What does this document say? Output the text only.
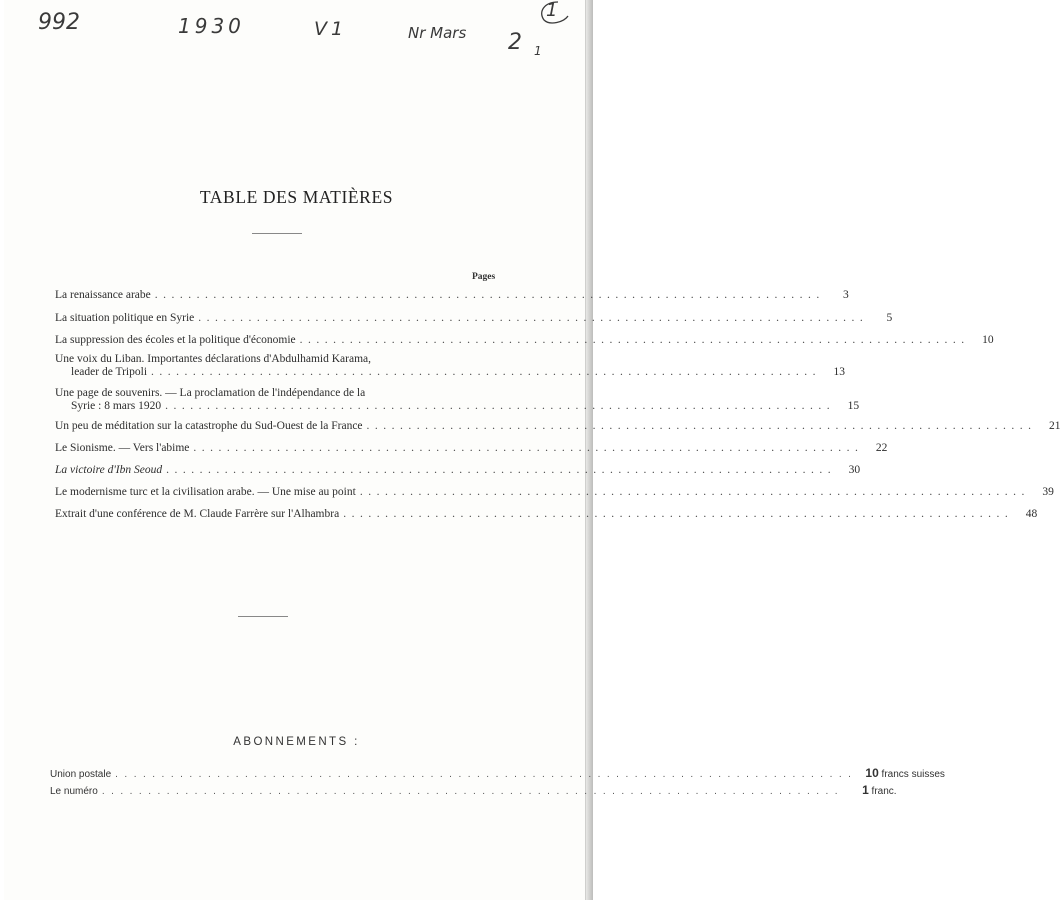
992	1930	V1	Nr Mars 2 1
1
TABLE DES MATIÈRES
Pages
La renaissance arabe ................................................................................	3
La situation politique en Syrie ................................................................................	5
La suppression des écoles et la politique d'économie ................................................................................	10
Une voix du Liban. Importantes déclarations d'Abdulhamid Karama,
leader de Tripoli ................................................................................	13
Une page de souvenirs. — La proclamation de l'indépendance de la
Syrie : 8 mars 1920 ................................................................................	15
Un peu de méditation sur la catastrophe du Sud-Ouest de la France ................................................................................	21
Le Sionisme. — Vers l'abime ................................................................................	22
La victoire d'Ibn Seoud ................................................................................	30
Le modernisme turc et la civilisation arabe. — Une mise au point ................................................................................	39
Extrait d'une conférence de M. Claude Farrère sur l'Alhambra ................................................................................	48
ABONNEMENTS :
Union postale ................................................................................ 10 francs suisses
Le numéro ................................................................................	1 franc.
